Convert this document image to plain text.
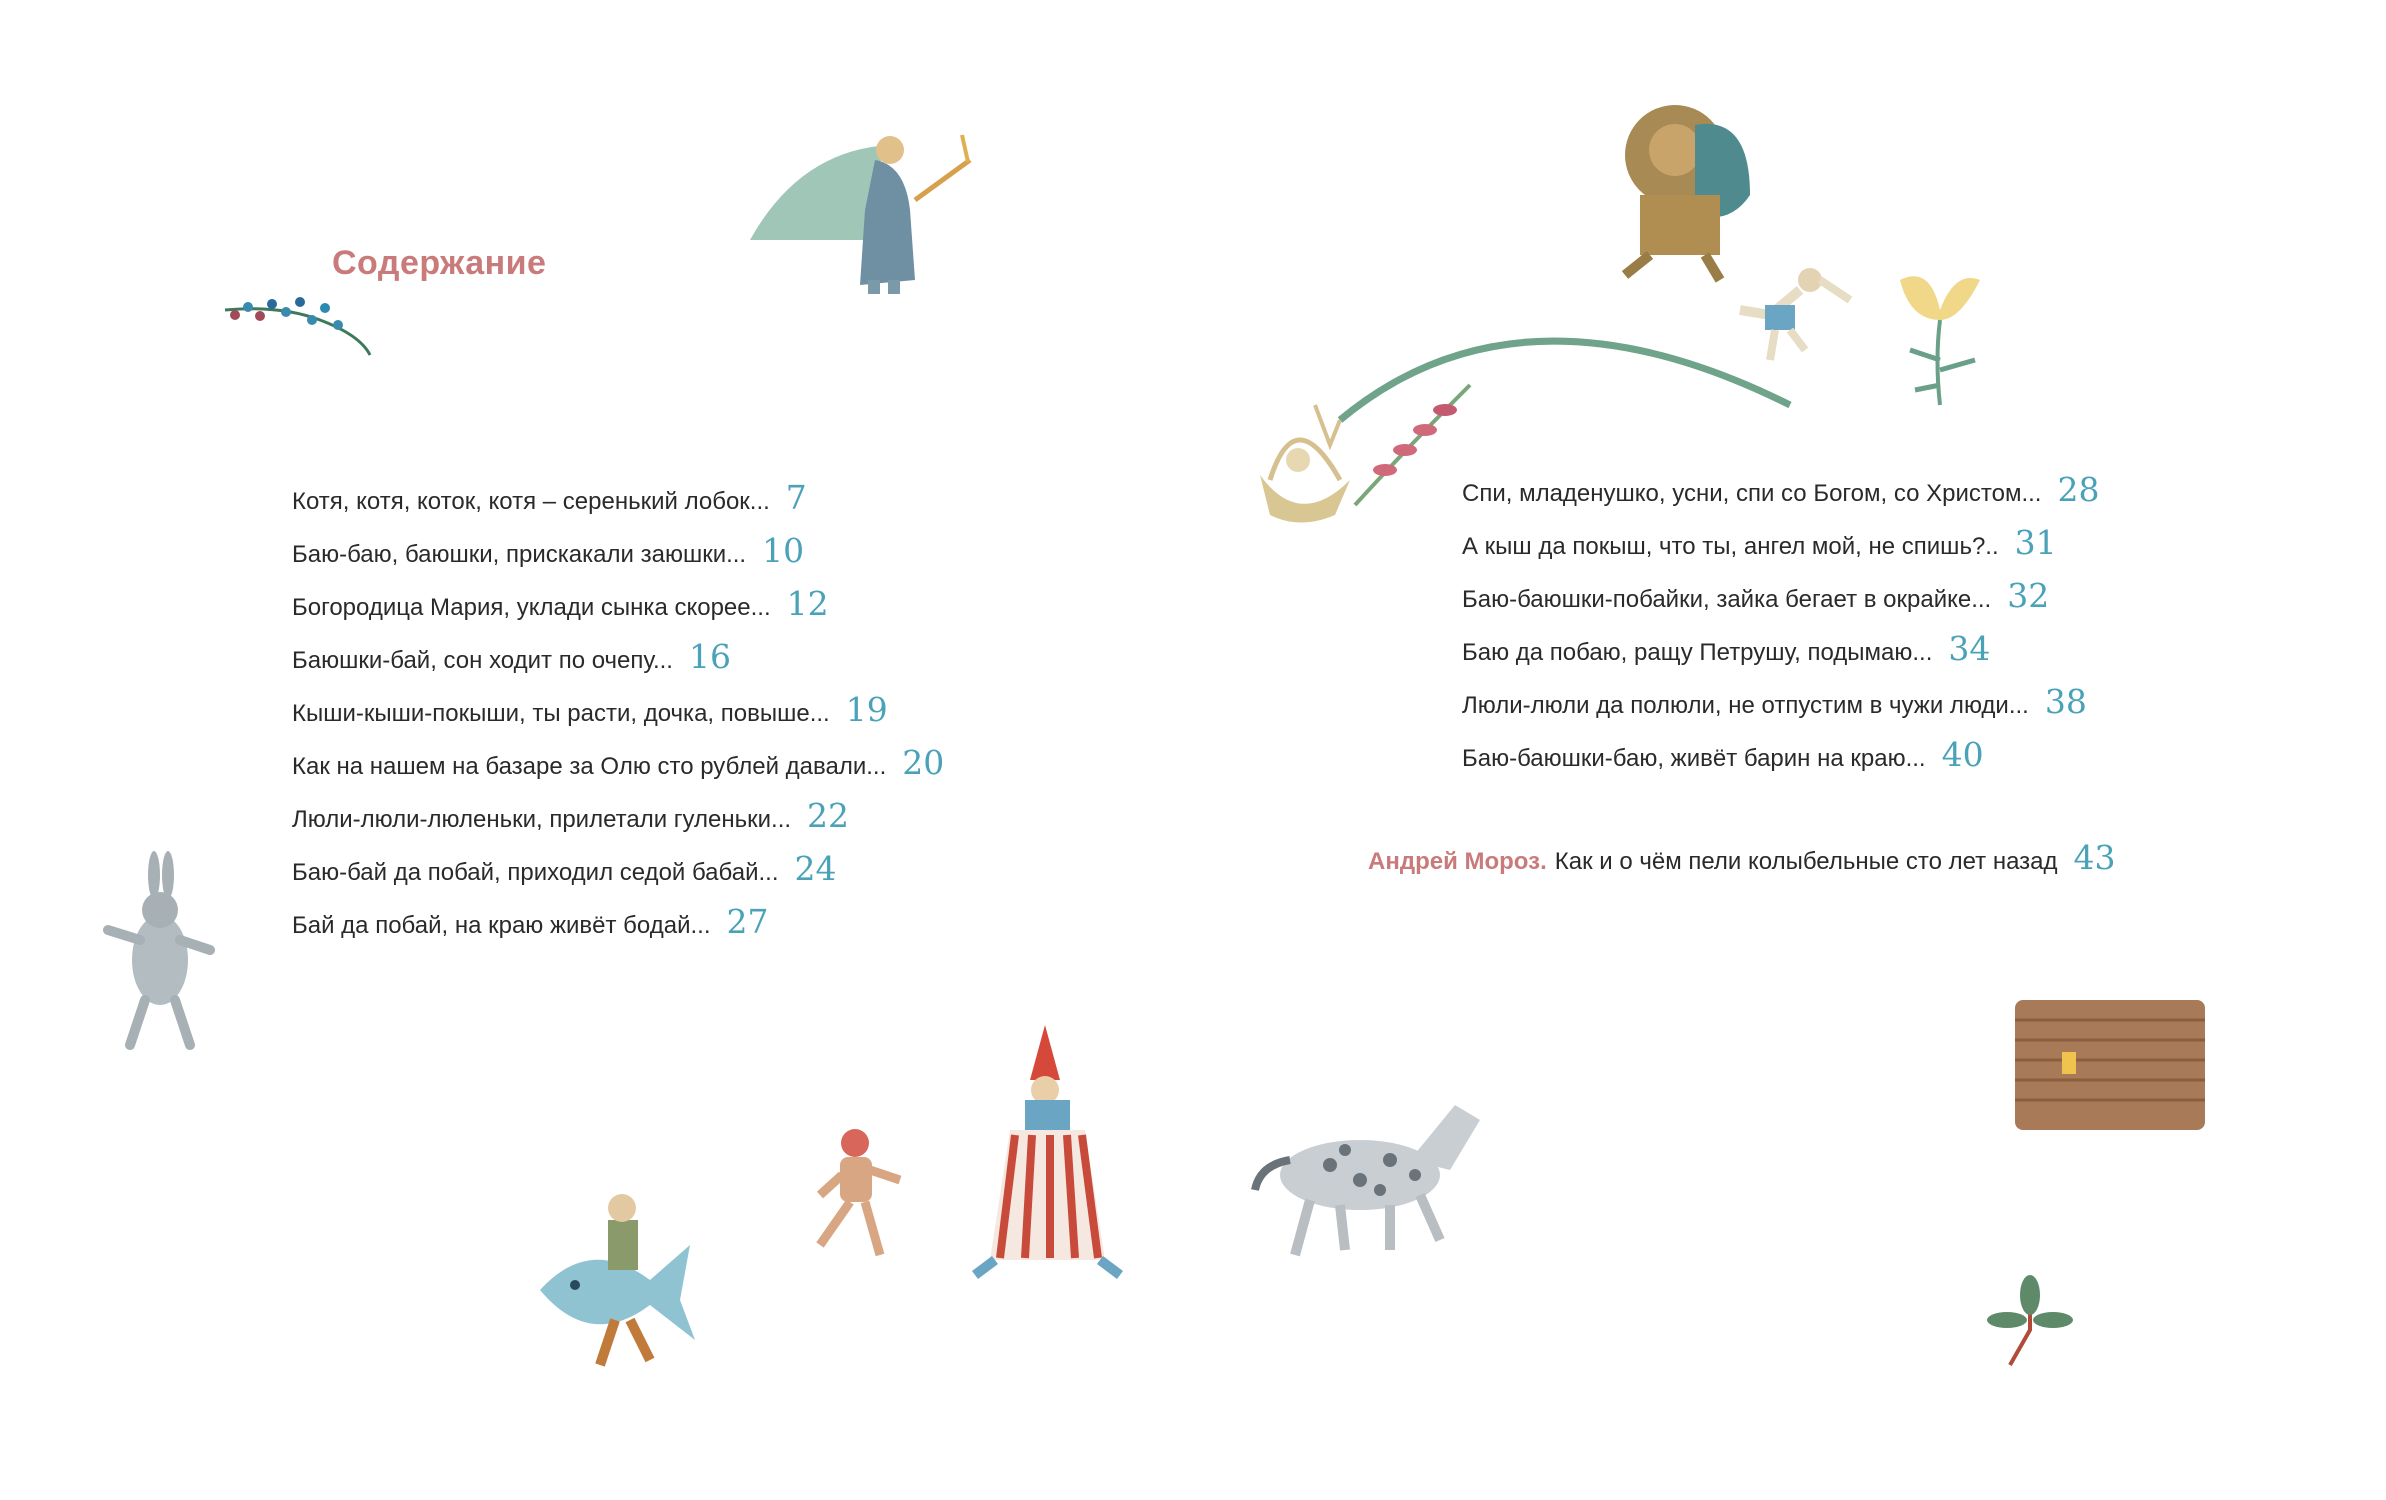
Содержание
Котя, котя, коток, котя – серенький лобок... 7
Баю-баю, баюшки, прискакали заюшки... 10
Богородица Мария, уклади сынка скорее... 12
Баюшки-бай, сон ходит по очепу... 16
Кыши-кыши-покыши, ты расти, дочка, повыше... 19
Как на нашем на базаре за Олю сто рублей давали... 20
Люли-люли-люленьки, прилетали гуленьки... 22
Баю-бай да побай, приходил седой бабай... 24
Бай да побай, на краю живёт бодай... 27
Спи, младенушко, усни, спи со Богом, со Христом... 28
А кыш да покыш, что ты, ангел мой, не спишь?.. 31
Баю-баюшки-побайки, зайка бегает в окрайке... 32
Баю да побаю, ращу Петрушу, подымаю... 34
Люли-люли да полюли, не отпустим в чужи люди... 38
Баю-баюшки-баю, живёт барин на краю... 40
Андрей Мороз. Как и о чём пели колыбельные сто лет назад 43
